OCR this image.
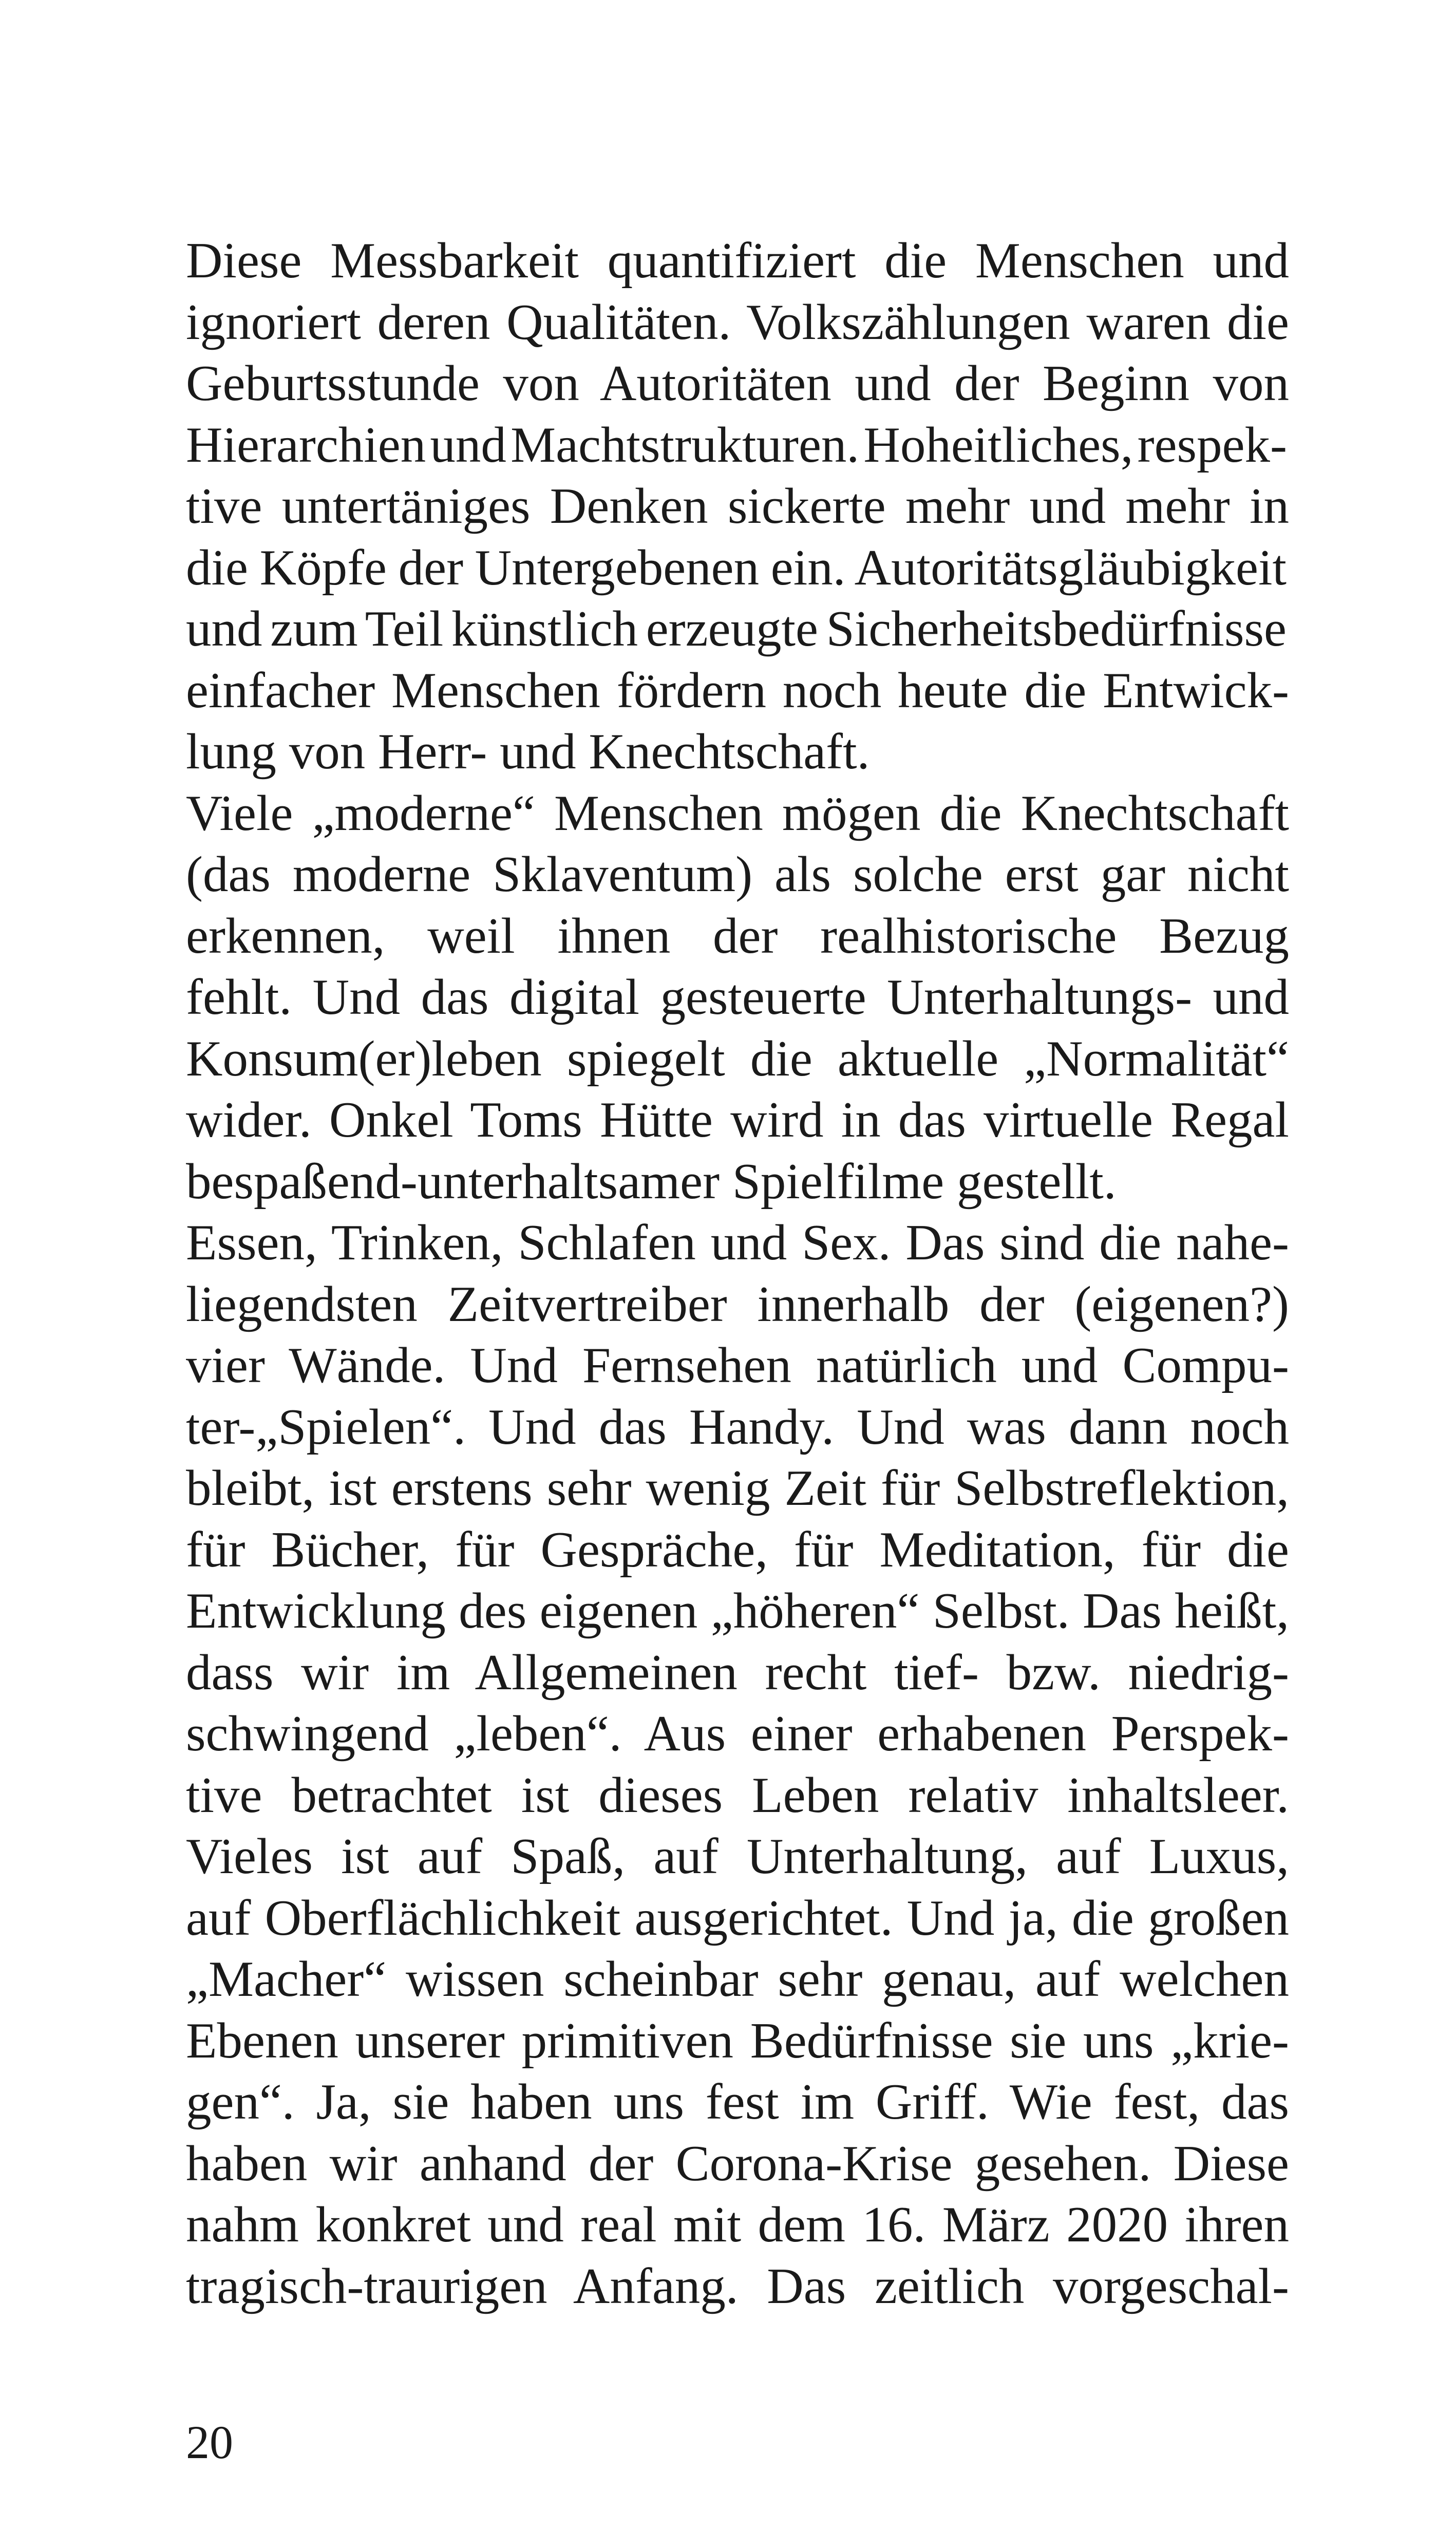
Diese Messbarkeit quantifiziert die Menschen und
ignoriert deren Qualitäten. Volkszählungen waren die
Geburtsstunde von Autoritäten und der Beginn von
Hierarchien und Machtstrukturen. Hoheitliches, respek-
tive untertäniges Denken sickerte mehr und mehr in
die Köpfe der Untergebenen ein. Autoritätsgläubigkeit
und zum Teil künstlich erzeugte Sicherheitsbedürfnisse
einfacher Menschen fördern noch heute die Entwick-
lung von Herr- und Knechtschaft.
Viele „moderne“ Menschen mögen die Knechtschaft
(das moderne Sklaventum) als solche erst gar nicht
erkennen, weil ihnen der realhistorische Bezug
fehlt. Und das digital gesteuerte Unterhaltungs- und
Konsum(er)leben spiegelt die aktuelle „Normalität“
wider. Onkel Toms Hütte wird in das virtuelle Regal
bespaßend-unterhaltsamer Spielfilme gestellt.
Essen, Trinken, Schlafen und Sex. Das sind die nahe-
liegendsten Zeitvertreiber innerhalb der (eigenen?)
vier Wände. Und Fernsehen natürlich und Compu-
ter-„Spielen“. Und das Handy. Und was dann noch
bleibt, ist erstens sehr wenig Zeit für Selbstreflektion,
für Bücher, für Gespräche, für Meditation, für die
Entwicklung des eigenen „höheren“ Selbst. Das heißt,
dass wir im Allgemeinen recht tief- bzw. niedrig-
schwingend „leben“. Aus einer erhabenen Perspek-
tive betrachtet ist dieses Leben relativ inhaltsleer.
Vieles ist auf Spaß, auf Unterhaltung, auf Luxus,
auf Oberflächlichkeit ausgerichtet. Und ja, die großen
„Macher“ wissen scheinbar sehr genau, auf welchen
Ebenen unserer primitiven Bedürfnisse sie uns „krie-
gen“. Ja, sie haben uns fest im Griff. Wie fest, das
haben wir anhand der Corona-Krise gesehen. Diese
nahm konkret und real mit dem 16. März 2020 ihren
tragisch-traurigen Anfang. Das zeitlich vorgeschal-
20
